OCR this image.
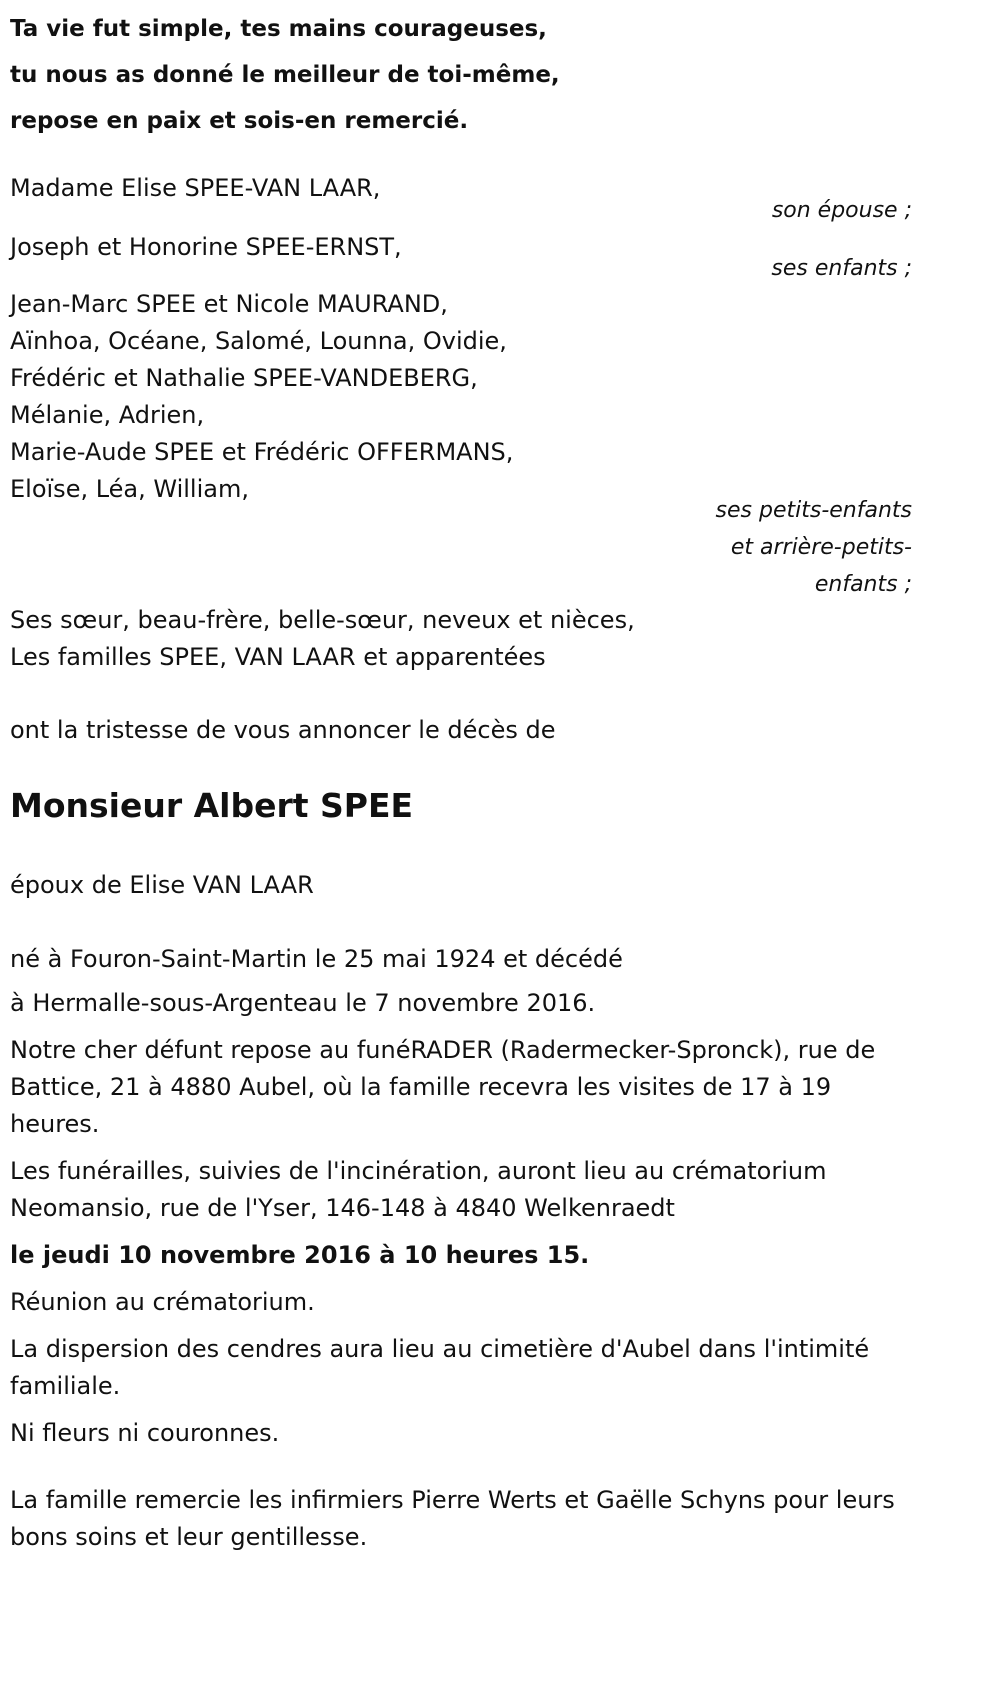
Ta vie fut simple, tes mains courageuses,
tu nous as donné le meilleur de toi-même,
repose en paix et sois-en remercié.
Madame Elise SPEE-VAN LAAR,
son épouse ;
Joseph et Honorine SPEE-ERNST,
ses enfants ;
Jean-Marc SPEE et Nicole MAURAND,
Aïnhoa, Océane, Salomé, Lounna, Ovidie,
Frédéric et Nathalie SPEE-VANDEBERG,
Mélanie, Adrien,
Marie-Aude SPEE et Frédéric OFFERMANS,
Eloïse, Léa, William,
ses petits-enfants
et arrière-petits-
enfants ;
Ses sœur, beau-frère, belle-sœur, neveux et nièces,
Les familles SPEE, VAN LAAR et apparentées
ont la tristesse de vous annoncer le décès de
Monsieur Albert SPEE
époux de Elise VAN LAAR
né à Fouron-Saint-Martin le 25 mai 1924 et décédé

à Hermalle-sous-Argenteau le 7 novembre 2016.

Notre cher défunt repose au funéRADER (Radermecker-Spronck), rue de Battice, 21 à 4880 Aubel, où la famille recevra les visites de 17 à 19 heures.

Les funérailles, suivies de l'incinération, auront lieu au crématorium Neomansio, rue de l'Yser, 146-148 à 4840 Welkenraedt

le jeudi 10 novembre 2016 à 10 heures 15.

Réunion au crématorium.

La dispersion des cendres aura lieu au cimetière d'Aubel dans l'intimité familiale.

Ni fleurs ni couronnes.

La famille remercie les infirmiers Pierre Werts et Gaëlle Schyns pour leurs bons soins et leur gentillesse.
